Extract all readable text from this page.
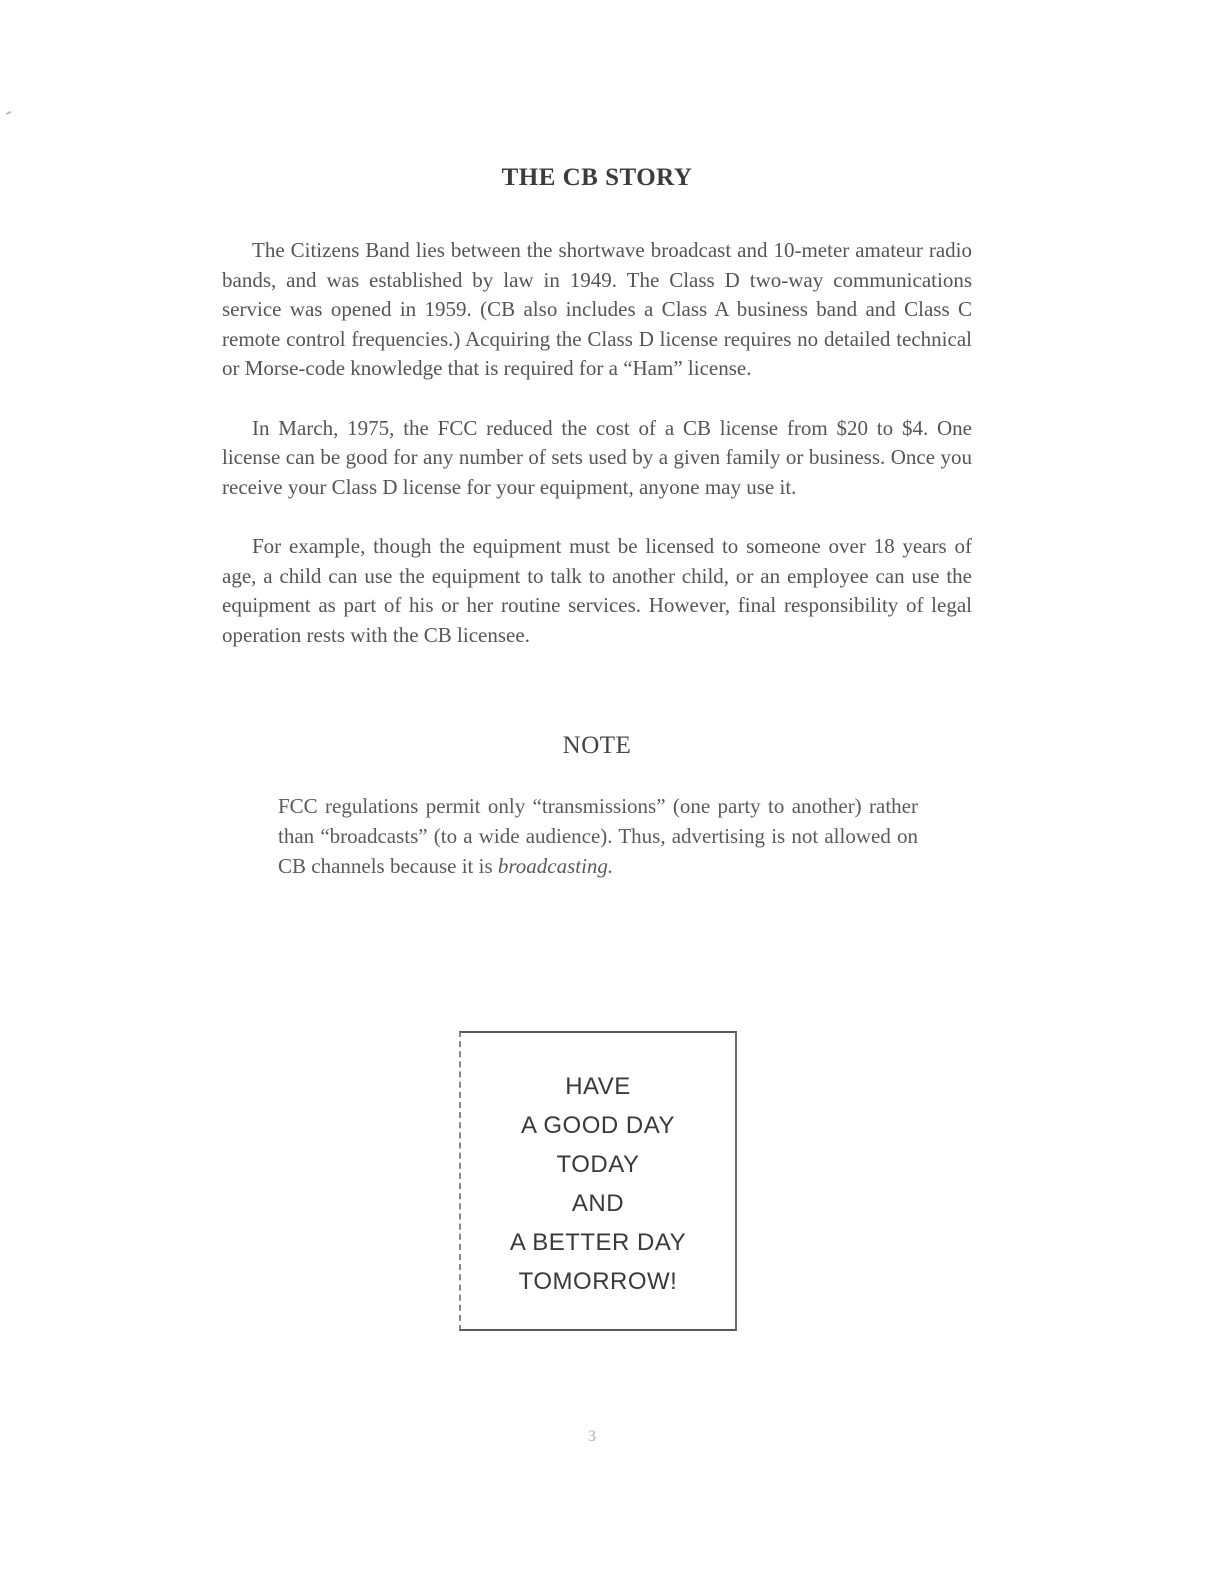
THE CB STORY

The Citizens Band lies between the shortwave broadcast and 10-meter amateur radio bands, and was established by law in 1949. The Class D two-way communications service was opened in 1959. (CB also includes a Class A business band and Class C remote control frequencies.) Acquiring the Class D license requires no detailed technical or Morse-code knowledge that is required for a “Ham” license.

In March, 1975, the FCC reduced the cost of a CB license from $20 to $4. One license can be good for any number of sets used by a given family or business. Once you receive your Class D license for your equipment, anyone may use it.

For example, though the equipment must be licensed to someone over 18 years of age, a child can use the equipment to talk to another child, or an employee can use the equipment as part of his or her routine services. However, final responsibility of legal operation rests with the CB licensee.

NOTE

FCC regulations permit only “transmissions” (one party to another) rather than “broadcasts” (to a wide audience). Thus, advertising is not allowed on CB channels because it is broadcasting.

HAVE
A GOOD DAY
TODAY
AND
A BETTER DAY
TOMORROW!
3
